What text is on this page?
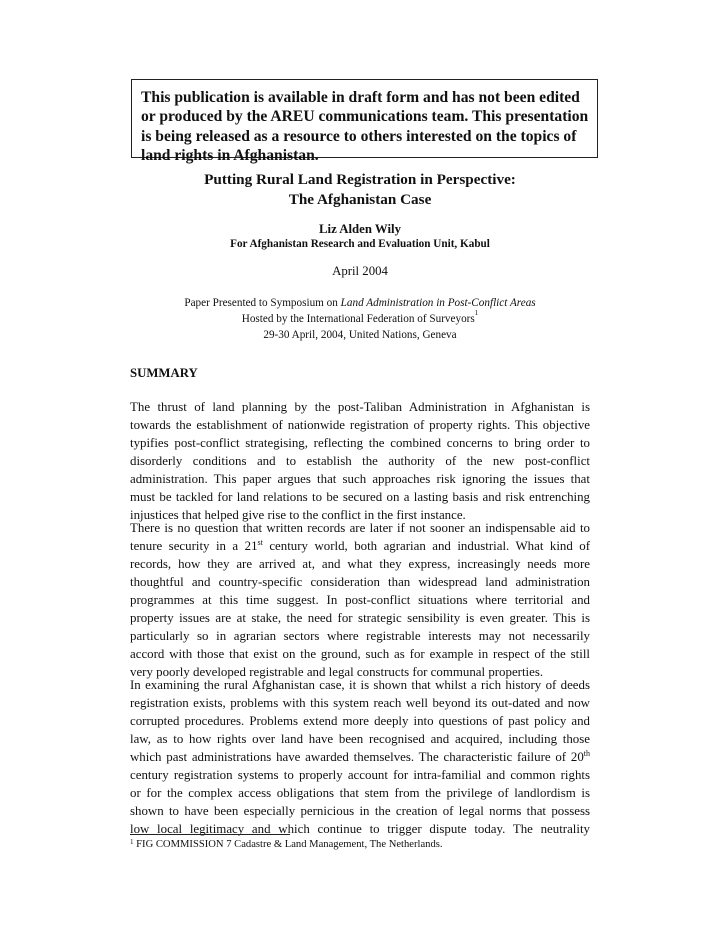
This publication is available in draft form and has not been edited

or produced by the AREU communications team. This presentation

is being released as a resource to others interested on the topics of

land rights in Afghanistan.

Putting Rural Land Registration in Perspective:
The Afghanistan Case
Liz Alden Wily
For Afghanistan Research and Evaluation Unit, Kabul
April 2004
Paper Presented to Symposium on Land Administration in Post-Conflict Areas
Hosted by the International Federation of Surveyors$^1$
29-30 April, 2004, United Nations, Geneva
SUMMARY
The thrust of land planning by the post-Taliban Administration in Afghanistan is
towards the establishment of nationwide registration of property rights. This objective
typifies post-conflict strategising, reflecting the combined concerns to bring order to
disorderly conditions and to establish the authority of the new post-conflict
administration. This paper argues that such approaches risk ignoring the issues that
must be tackled for land relations to be secured on a lasting basis and risk entrenching
injustices that helped give rise to the conflict in the first instance.
There is no question that written records are later if not sooner an indispensable aid to
tenure security in a 21st century world, both agrarian and industrial. What kind of
records, how they are arrived at, and what they express, increasingly needs more
thoughtful and country-specific consideration than widespread land administration
programmes at this time suggest. In post-conflict situations where territorial and
property issues are at stake, the need for strategic sensibility is even greater. This is
particularly so in agrarian sectors where registrable interests may not necessarily
accord with those that exist on the ground, such as for example in respect of the still
very poorly developed registrable and legal constructs for communal properties.
In examining the rural Afghanistan case, it is shown that whilst a rich history of deeds
registration exists, problems with this system reach well beyond its out-dated and now
corrupted procedures. Problems extend more deeply into questions of past policy and
law, as to how rights over land have been recognised and acquired, including those
which past administrations have awarded themselves. The characteristic failure of 20th
century registration systems to properly account for intra-familial and common rights
or for the complex access obligations that stem from the privilege of landlordism is
shown to have been especially pernicious in the creation of legal norms that possess
low local legitimacy and which continue to trigger dispute today. The neutrality
$^1$ FIG COMMISSION 7 Cadastre & Land Management, The Netherlands.
